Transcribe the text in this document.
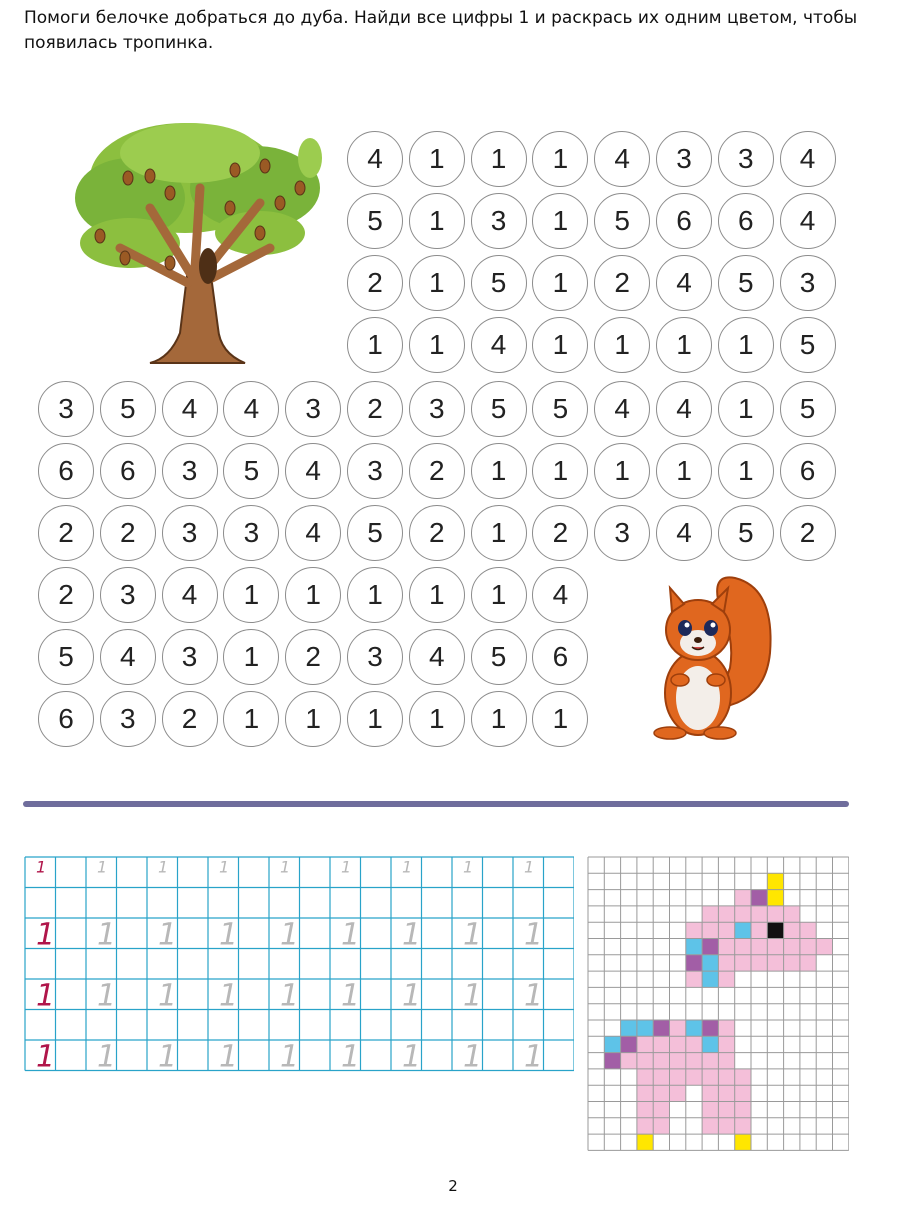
Помоги белочке добраться до дуба. Найди все цифры 1 и раскрась их одним цветом, чтобы появилась тропинка.

4	1	1	1	4	3	3	4
5	1	3	1	5	6	6	4
2	1	5	1	2	4	5	3
1	1	4	1	1	1	1	5
3	5	4	4	3	2	3	5	5	4	4	1	5
6	6	3	5	4	3	2	1	1	1	1	1	6
2	2	3	3	4	5	2	1	2	3	4	5	2
2	3	4	1	1	1	1	1	4
5	4	3	1	2	3	4	5	6
6	3	2	1	1	1	1	1	1
1	1	1	1	1	1	1	1	1
1 1 1 1 1 1 1 1 1
1 1 1 1 1 1 1 1 1
1 1 1 1 1 1 1 1 1
2
